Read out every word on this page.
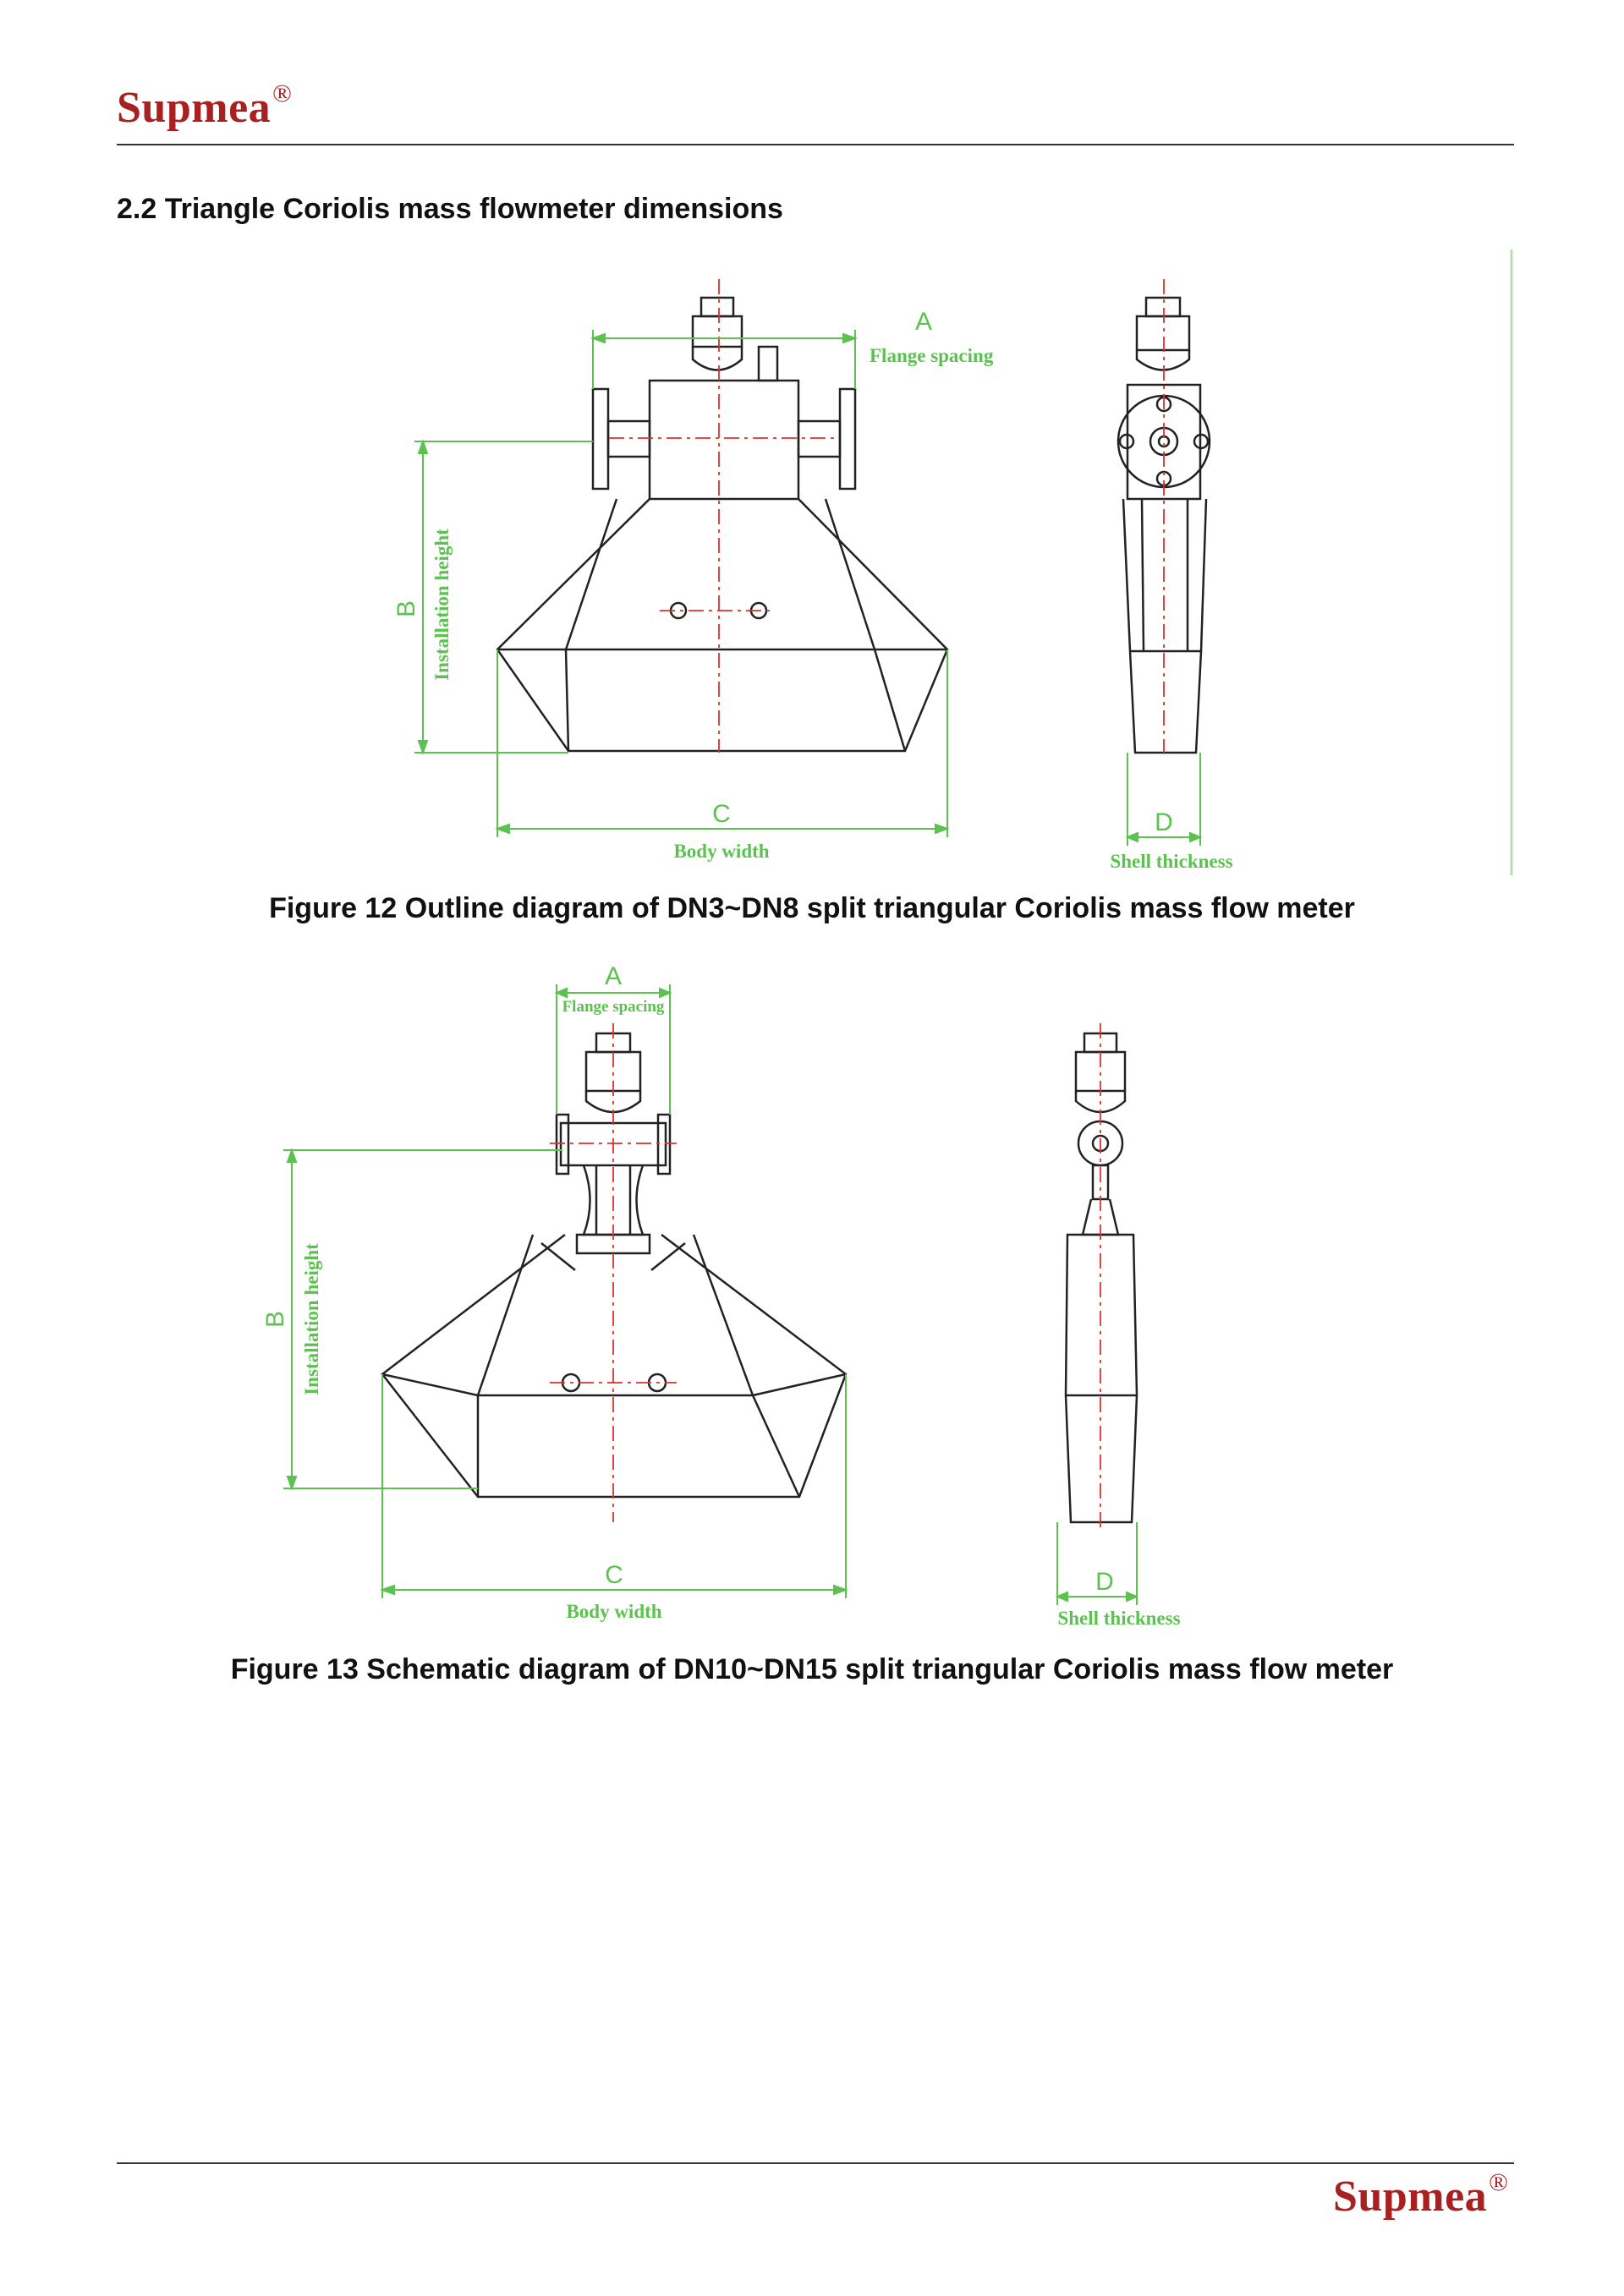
Supmea®
2.2 Triangle Coriolis mass flowmeter dimensions
A
Flange spacing
B Installation height
C
Body width
D
Shell thickness
Figure 12 Outline diagram of DN3~DN8 split triangular Coriolis mass flow meter
A
Flange spacing
B Installation height
C
Body width
D
Shell thickness
Figure 13 Schematic diagram of DN10~DN15 split triangular Coriolis mass flow meter
Supmea®
